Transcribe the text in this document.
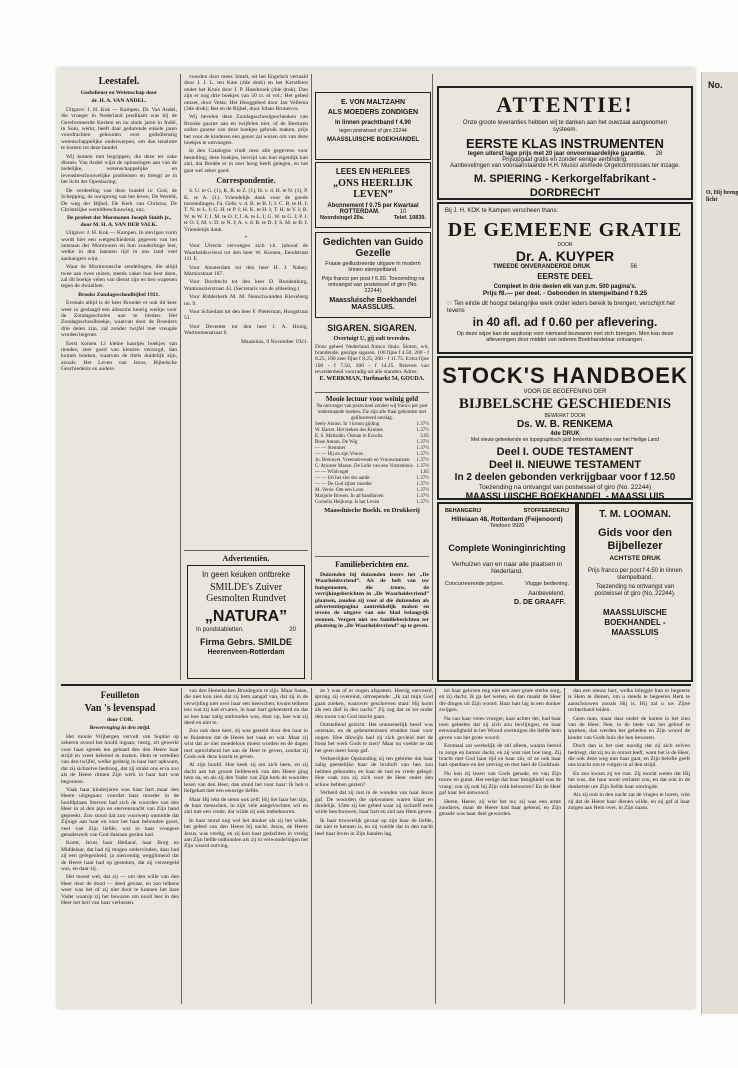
Leestafel.
Godsdienst en Wetenschap door
dr. H. A. VAN ANDEL.

Uitgave: J. H. Kok — Kampen. Dr. Van Andel, die vroeger in Nederland predikant was bij de Gereformeerde Kerken en nu sinds jaren in Indië, in Solo, werkt, heeft daar gedurende enkele jaren voordrachten gehouden over godsdienstig wetenschappelijke onderwerpen, om dan tenslotte te komen tot deze bundel.

Wij komen met begrippen, die deze ter zake dienen. Van Andel wijst de oplossingen aan van de zedelijke, wetenschappelijke en levensbeschouwelijke problemen en brengt ze in het licht der Openbaring.

De verdeeling van deze bundel is: God, de Schepping, de oorsprong van het leven, De Wereld, De weg der Bijbel, De Kerk van Christus, De Christelijke wereldbeschouwing, enz.

De profeet der Mormonen Joseph Smith jr., door M. H. A. VAN DER VALK.

Uitgave: J. H. Kok — Kampen. In stevigen vorm wordt hier een wetgeschiedenis gegeven van het ontstaan der Mormonen en hun zonderlinge leer, welke in den laatsten tijd in ons land veel aanhangers wint.

Waar de Mormoonsche zendelingen, die altijd twee aan twee reizen, steeds vaker hun best doen, zal dit boekje velen van dienst zijn en hen wapenen tegen de dwaalleer.

Brooks Zondagsschoolbijbel 1921.

Evenals altijd is de heer Broeder er ook dit keer weer in geslaagd een alleszins keurig werkje voor de Zondagsscholen aan te bieden. Het Zondagsschoolboekje, waarvan door de Broeders drie delen zijn, zal zonder twijfel met vreugde worden begroet.

Eerst komen 12 kleine kaartjes boekjes van tiendes; zeer goed van kleuren verzorgd, dan komen boeken, waarvan de titels duidelijk zijn, zooals: Het Leven van Jezus, Bijbelsche Geschiedenis en andere.

voorden door meer. Smelt, uit het Engelsch vertaald door J. J. L. ten Kate (4de druk) en het Kerstfeest onder het Kruis door J. P. Hasebroek (4de druk). Dan zijn er nog drie boekjes van 50 ct. et vol.; Het gebed omzet, door Vetas; Het Hooggebed door Jan Vellema (3de druk); Bet en de Bijbel, door Johan Brunerow.

Wij bevelen deze Zondagsschoolgeschenken van Brooke gaarne aan en twijfelen niet, of de Besturen zullen gaarne van deze boekjes gebruik maken, prijs het voor de kinderen een genot zal wezen om van deze boekjes te ontvangen.

In den Catalogus vindt men alle gegevens voor bestelling; deze boekjes, bevrijd van hun eigenlijk kan ziel, dat Bredée er in zeer hoog heeft gelegen, en het gaat wel zeker goed.

Correspondentie.

S. U. te G. (1), K. R. te Z. (1), H. v. d. H. te N. (1), P. K. te A. (1). Vriendelijk dank voor de goede toezendingen. Fa. Gebr. v. d. B. te B. I; J. C. B. te H. I; T. N. te L. I; G. H. te P. I; H. K. te H. I; T. H. te Y. I; B. W. te W. I; J. M. te O. I; J. A. te L. I; G. W. te G. I; P. J. te O. I; M. v. D. te N. I; A. v. d. B. te D. I; S. M. te B. I. Vriendelijk dank.

*

Voor Utrecht vervoegen zich t.h. inhoud de Waarheidsvriend tot den heer W. Kooten, Eendstraat 111 E.

Voor Amsterdam tot den heer H. J. Nabey, Marnixstraat 187.

Voor Dordrecht tot den heer D. Roodenburg, Wantonszierstraat 43. (Secretaris van de afdeeling.)

Voor Ridderkerk M. M. Neuschwanden Kleveberg no. 9.

Voor Schiedam tot den heer F. Pieterman, Hoogstraat 51.

Voor Deventer tot den heer J. A. Honig, Wartoomenstraat 8.

Maassluis, 9 November 1921.
Advertentiën.
In geen keuken ontbreke
SMILDE's Zuiver Gesmolten Rundvet
„NATURA”
In pondstabletten.	20
Firma Gebrs. SMILDE
Heerenveen-Rotterdam
E. VON MALTZAHN
ALS MOEDERS ZONDIGEN
In linnen prachtband f 4.90
tegen postwissel of giro 22244
MAASSLUISCHE BOEKHANDEL
LEES EN HERLEES
„ONS HEERLIJK LEVEN”
Abonnement f 0.75 per Kwartaal
ROTTERDAM.	10
Noordsingel 20a.	Telef. 10839.
Gedichten van Guido Gezelle
Fraaie geillustreerde uitgave in modern linnen stempelband.
Prijs franco per post f 6.20. Toezending na ontvangst van postwissel of giro (No. 22244)
Maassluische Boekhandel
MAASSLUIS.
SIGAREN. SIGAREN.
Overtuigt U, gij zult tevreden.
Door geheel Nederland franco thuis. Sloten, wit, brandende, geurige sigaren. 100 fijne f 4.50, 200 - f 8.25, 100 zeer fijne f 8.25, 200 - f 11.75. Extra fijne 100 - f 7.50, 200 - f 14.25. Brieven van tevredenheid voorradig uit alle standen. Adres:
E. WERKMAN, Turfmarkt 54, GOUDA.
Mooie lectuur voor weinig geld
Na ontvangst van postwissel zenden wij franco per post onderstaande boeken. Zie zijn alle fraai gebonden met geillustreerd omslag.
Seely Annon. In 't kroon gijding	1.37½
W. Barret. Het teeken des Kruises	1.37½
E. S. Maltzahn. Osman in Escolia	3.05
Rose Annon. De Wig	1.37½
— — Stemmer	1.37½
— — Hij en zijn Vrouw	1.37½
Jo. Brenuyet. Vreemdevende en Vrouwenansen 1.37½
C. Atwater Mason. De Lelie van een Vorstenhuis 1.37½
— — Wildvogel	1.85
— — Uit het slot der aarde	1.37½
— — De God zijner moeder	1.37½
M. Veroe. Om een Loon	1.37½
Marjorie Bowen. In ad handhaven	1.37½
Cornelia Heijkoop. Is het Leven	1.37½
Maassluische Boekh. en Drukkerij
Familieberichten enz.

Duizenden bij duizenden lezers het „De Waarheidsvriend”. Als de heft van uw huisgenooten, die trouw, de verrijkingsberichten in „De Waarheidsvriend” plaatsen, zouden zij voor al die duizenden als advertentiepagina aantrekkelijk maken en tevens de uitgave van ons blad belangrijk steunen. Vergeet niet uw familieberichten ter plaatsing in „De Waarheidsvriend” op te geven.

ATTENTIE!
Onze groote leveranties hebben wij te danken aan het ouwzaal aangenomen systeem.
EERSTE KLAS INSTRUMENTEN
tegen uiterst lage prijs met 20 jaar onvoorwaardelijke garantie. 28
Prijsopgaaf gratis en zonder eenige verbinding.
Aanbevelingen van vooraanstaande H.H. Musici alsmede Orgelcommissies ter inzage.
M. SPIERING - Kerkorgelfabrikant - DORDRECHT
Bij J. H. KOK te Kampen verscheen thans:
DE GEMEENE GRATIE
DOOR
Dr. A. KUYPER
TWEEDE ONVERANDERDE DRUK	56
EERSTE DEEL
Compleet in drie deelen elk van p.m. 500 pagina's.
Prijs f8.— per deel. - Gebonden in stempelband f 9.25
☞ Ten einde dit hoogst belangrijke werk onder ieders bereik te brengen, verschijnt het tevens
in 40 afl. ad f 0.60 per aflevering.
Op deze wijze kan de aankoop voor niemand bezwaren met zich brengen. Men kan deze afleveringen door middel van iederen Boekhandelaar ontvangen.
STOCK'S HANDBOEK
VOOR DE BEOEFENING DER
BIJBELSCHE GESCHIEDENIS
BEWERKT DOOR
Ds. W. B. RENKEMA
4de DRUK
Met nieuw geteekende en topographisch juist bewerkte kaartjes van het Heilige Land
Deel I. OUDE TESTAMENT
Deel II. NIEUWE TESTAMENT
In 2 deelen gebonden verkrijgbaar voor f 12.50
Toezending na ontvangst van postwissel of giro (No. 22244)
MAASSLUISCHE BOEKHANDEL - MAASSLUIS
BEHANGERIJ	STOFFEERDERIJ
Hilleiaan 48, Rotterdam (Feijenoord)
Telefoon 9920
Complete Woninginrichting
Verhuizen van en naar alle plaatsen in Nederland.
Concurreerende prijzen.	Vlugge bediening.
Aanbevelend,
D. DE GRAAFF.
T. M. LOOMAN.
Gids voor den Bijbellezer
ACHTSTE DRUK
Prijs franco per post f 4.50 in linnen stempelband.
Toezending na ontvangst van postwissel of giro (No. 22244).
MAASSLUISCHE BOEKHANDEL - MAASSLUIS
Feuilleton
Van 's levenspad
door COR.
Bewerenging in den strijd.

Het mooie Vrijbergen vervult van Sophie op zekeren avond het hoofd ingaan; rustig, zit gewerkt voor haar spreek ten gebaad den den Heere haar strijd en vreet helemel te maken. Hem te vertellen van den twijfel, welke gedurig in haar hart opkwam, dat zij sichzelve bedroog, dat zij strakt ons erva zoo als de Heere ritmen Zijn werk in haar hart was begonnen.

Vaak haar kinderjaren was haar hart maar den Heere uitgegaan; voordat haar moeder in de hoofdplaats Sterven had zich de woorden van den Heer in al den pijn en stervensnacht van Zijn hand gepreekt. Zoo stond dat zoo voorwerp onmidde dat Zijnige aan haar en voor het haar behouden gezet, veel van Zijn liefde, wat in haar vroegere genadewerk van God daaraan gezien had.

Komt, Jezus haar Heiland, haar Borg en Middelaar, dat had zij mogen ondervinden, daar had zij een gelegenheid, ja nietcendig wegglimend dat de Heere haar had op gestoken, dat zij verzeegeld was, en daar zij.

Het moest wel, dat zij — om den wille van den Heer door de dood — deed gevaar, en zoo telkens weer was het of zij niet door te kunnen het hare Vader waarop zij het bewaren om nooit leer in den Heer het heil van haar verlossen.

van den Hemelschen Bruidegom te zijn. Maar Satan, die niet kon zien dat zij hem aangaf van, dat zij in de verwijding niet over haar een heerschen, kwam telkens iets wat zij had ervaren, in haar hart gekoesterd en dat ze hoe haar zalig ontbonden was, door op, hoe wat zij deed en niet te.

Zoo ook deze keer, zij was gesteld door den haar in te fluisteren dat de Heere het vaak en wat. Maar zij wist dat ze niet moedeloos moest worden en de dagen met oprechtheid het aan de Heer te geven, zoodat zij Gods ook deze kracht te geven.

Al zijn hoofd. Hoe keek zij om zich heen, en zij dacht aan het groote liefdewerk van den Heere ging hem na, en als zij den Vader van Zijn kerk de woorden lezen van den Heer, dan stond het voor haar: Ik heb u liefgehad met een eeuwige liefde.

Maar Hij rekt de steun ook zelf; Hij liet haar het zijn, de haar menschen, in zijn vele aangevochten wil en ziel met een vrede, dat wilde zij ook toebehooren.

In haar stond nog wel het donker als zij het wilde, het gebed van den Heere bij nacht. Jezus, de Heere Jezus, was vredig, en zij kon haar gedachten in vredig aan Zijn liefde onthouden als zij in verwonderingen het Zijn woord ontving.

ze 't was of er oogen afspatten. Heerig ontvoerd, sprong zij overeind, uitroepende: „Ik zal mijn God gaan zoeken, waarover geschreven staat: Hij komt als een dief in den nacht.” Zij zag dat ze tot onder den toorn van God mocht gaan.

Ontstellend gezicht. Het onnoemelijk besef was ontstaan, en de gebeurtenissen stonden haar voor oogen. Hoe dikwijls had zij zich gevleid met de hoop het werk Gods te zien? Maar nu voelde ze dat het geen meer hoop gaf.

Verheerlijkte Opstanding zij ten gebreke dat haar zalig geestelijke haar de bruiloft van hen zou hebben gebonden, en haar de rust en vrede gelegd. Hoe vaak zou zij zich voor de Heer onder den schuw hebben gezien?

Verheid dat zij rust in de wonden van haar Jezus gaf. De woorden die opkwamen waren klaar en duidelijk. Uitte zij het gebed waar zij zichzelf eens wilde beschouwen, haar hart en ziel aan Hem geven.

Ik haar trouwelijk gevaar op zijn haar de liefde, dat niet te kennen is, en zij voelde dat in den nacht heel haar leven in Zijn handen lag.

tot haar geloven nog niet een zeer grote sterke zorg, en zij dacht, ik ga het weten, en dan maakt de Heer die dingen uit Zijn woord. Haar hart lag in een donker zwijgen.

Na van haar vrees vroeger, haar achter der, had haar toen gebeden dat zij zich zou bevlijtigen, en haar eenvoudigheid in het Woord overtuigen die liefde hem geven van het grote woord.

Eenmaal zat werkelijk de stil alleen, waarin bereid in zorge en humor dacht, en zij wist niet hoe lang. Zij bracht met God haar tijd en haar zin, of ze ook haar hart openbare en het ontving en met heel de Godshuis.

Nu kon zij lezen van Gods genade, en van Zijn trouw en gunst. Het eenige dat haar bezighield was de vraag: zou zij ook bij Zijn volk behooren? En de Heer gaf haar het antwoord.

Heere, Heere, zij wist het nu; zij was een arme zondares, maar de Heere had haar gekend, en Zijn genade was haar deel geworden.

dan een nieuw hart, welks inleggie hun er begeerte is Hem te dienen, om u steeds te begeeren Hem te aanschouwen zooals Hij is. Hij zal u uw Zijne rechterhand leiden.

Geen man, maar daar onder de harten in het zien van de Heer. Nee, in de bede van het geloof te spreken; dan werden het gebeden en Zijn woord de kinder van Gods huis die hen bewaren.

Doch dan is het niet noodig dat zij zich zelven bedriegt, dat zij nu in onrust leeft, want het is de Heer, die ook deze weg met haar gaat, en Zijn belofte geeft ons kracht om te volgen in al den strijd.

En zoo kwam zij tot rust. Zij mocht weten dat Hij het was, die haar nooit verlaten zou, en dat ook in de donkerste ure Zijn liefde haar omringde.

Als zij ooit in den nacht zat de vragen te horen, wist zij dat de Heere haar dienen wilde, en zij gaf al haar zorgen aan Hem over, in Zijn naam.

No.
O, Hij breng licht
